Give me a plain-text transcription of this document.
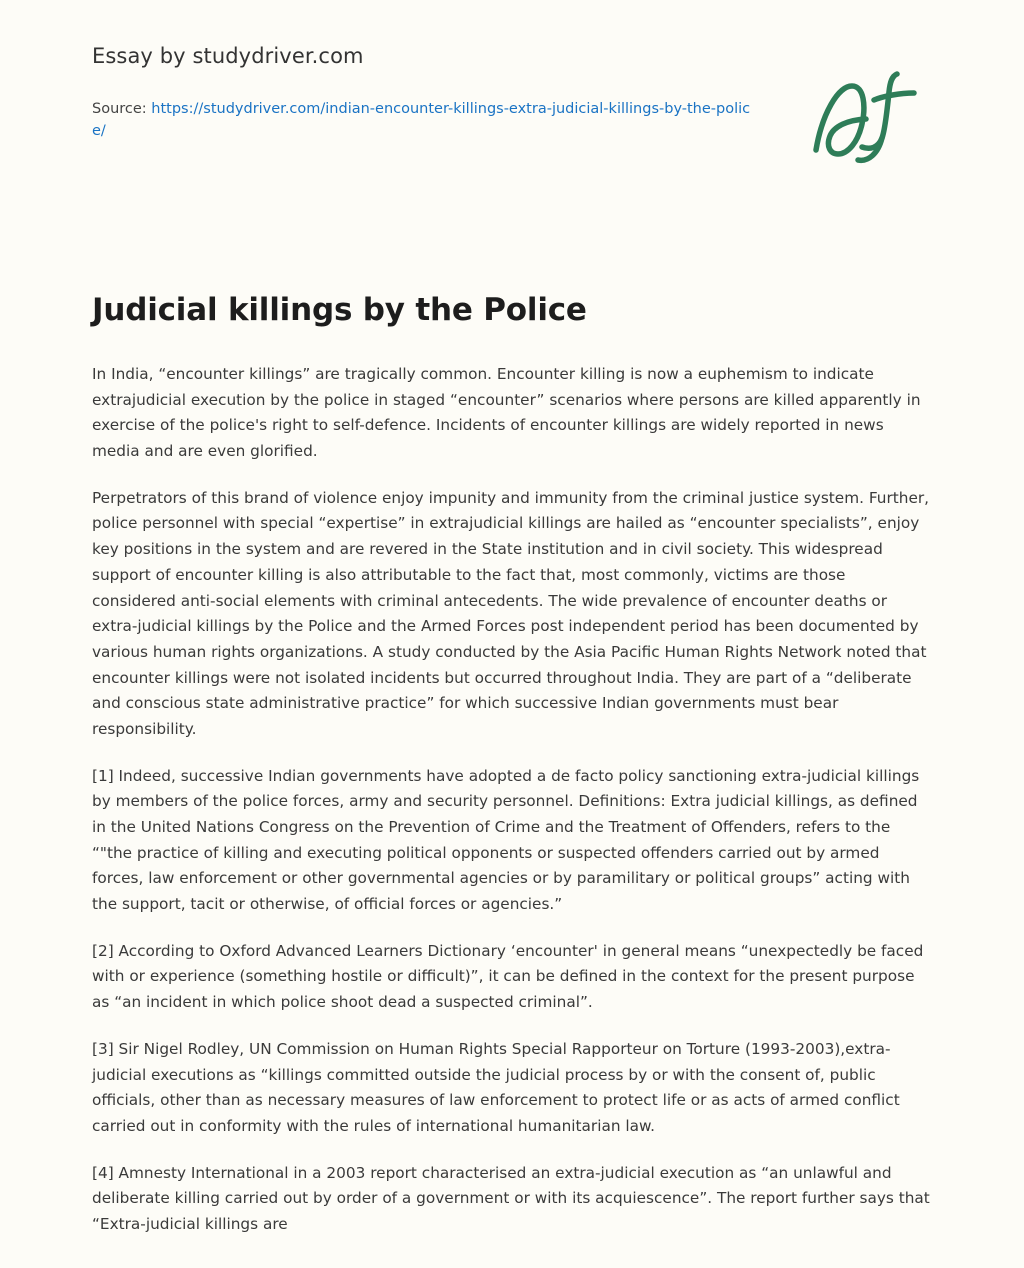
Essay by studydriver.com
Source: https://studydriver.com/indian-encounter-killings-extra-judicial-killings-by-the-police/
Judicial killings by the Police

In India, “encounter killings” are tragically common. Encounter killing is now a euphemism to indicate extrajudicial execution by the police in staged “encounter” scenarios where persons are killed apparently in exercise of the police's right to self-defence. Incidents of encounter killings are widely reported in news media and are even glorified.

Perpetrators of this brand of violence enjoy impunity and immunity from the criminal justice system. Further, police personnel with special “expertise” in extrajudicial killings are hailed as “encounter specialists”, enjoy key positions in the system and are revered in the State institution and in civil society. This widespread support of encounter killing is also attributable to the fact that, most commonly, victims are those considered anti-social elements with criminal antecedents. The wide prevalence of encounter deaths or extra-judicial killings by the Police and the Armed Forces post independent period has been documented by various human rights organizations. A study conducted by the Asia Pacific Human Rights Network noted that encounter killings were not isolated incidents but occurred throughout India. They are part of a “deliberate and conscious state administrative practice” for which successive Indian governments must bear responsibility.

[1] Indeed, successive Indian governments have adopted a de facto policy sanctioning extra-judicial killings by members of the police forces, army and security personnel. Definitions: Extra judicial killings, as defined in the United Nations Congress on the Prevention of Crime and the Treatment of Offenders, refers to the “"the practice of killing and executing political opponents or suspected offenders carried out by armed forces, law enforcement or other governmental agencies or by paramilitary or political groups” acting with the support, tacit or otherwise, of official forces or agencies.”

[2] According to Oxford Advanced Learners Dictionary ‘encounter' in general means “unexpectedly be faced with or experience (something hostile or difficult)”, it can be defined in the context for the present purpose as “an incident in which police shoot dead a suspected criminal”.

[3] Sir Nigel Rodley, UN Commission on Human Rights Special Rapporteur on Torture (1993-2003),extra-judicial executions as “killings committed outside the judicial process by or with the consent of, public officials, other than as necessary measures of law enforcement to protect life or as acts of armed conflict carried out in conformity with the rules of international humanitarian law.

[4] Amnesty International in a 2003 report characterised an extra-judicial execution as “an unlawful and deliberate killing carried out by order of a government or with its acquiescence”. The report further says that “Extra-judicial killings are
